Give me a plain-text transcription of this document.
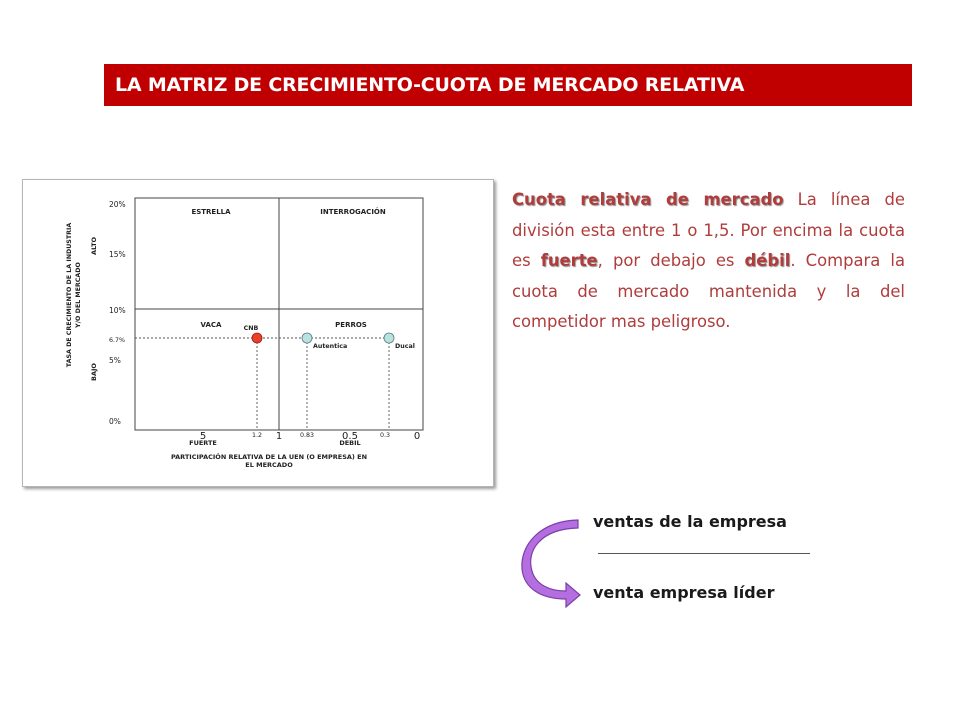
LA MATRIZ DE CRECIMIENTO-CUOTA DE MERCADO RELATIVA
TASA DE CRECIMIENTO DE LA INDUSTRIA Y/O DEL MERCADO
ALTO
BAJO
20%
15%
10%
6.7%
5%
0%
ESTRELLA	INTERROGACIÓN
VACA	PERROS
CNB
Autentica	Ducal
5	1	0.5	0
1.2	0.83	0.3
FUERTE	DEBIL
PARTICIPACIÓN RELATIVA DE LA UEN (O EMPRESA) EN
EL MERCADO
Cuota relativa de mercado La línea de división esta entre 1 o 1,5. Por encima la cuota es fuerte, por debajo es débil. Compara la cuota de mercado mantenida y la del competidor mas peligroso.
ventas de la empresa
venta empresa líder
